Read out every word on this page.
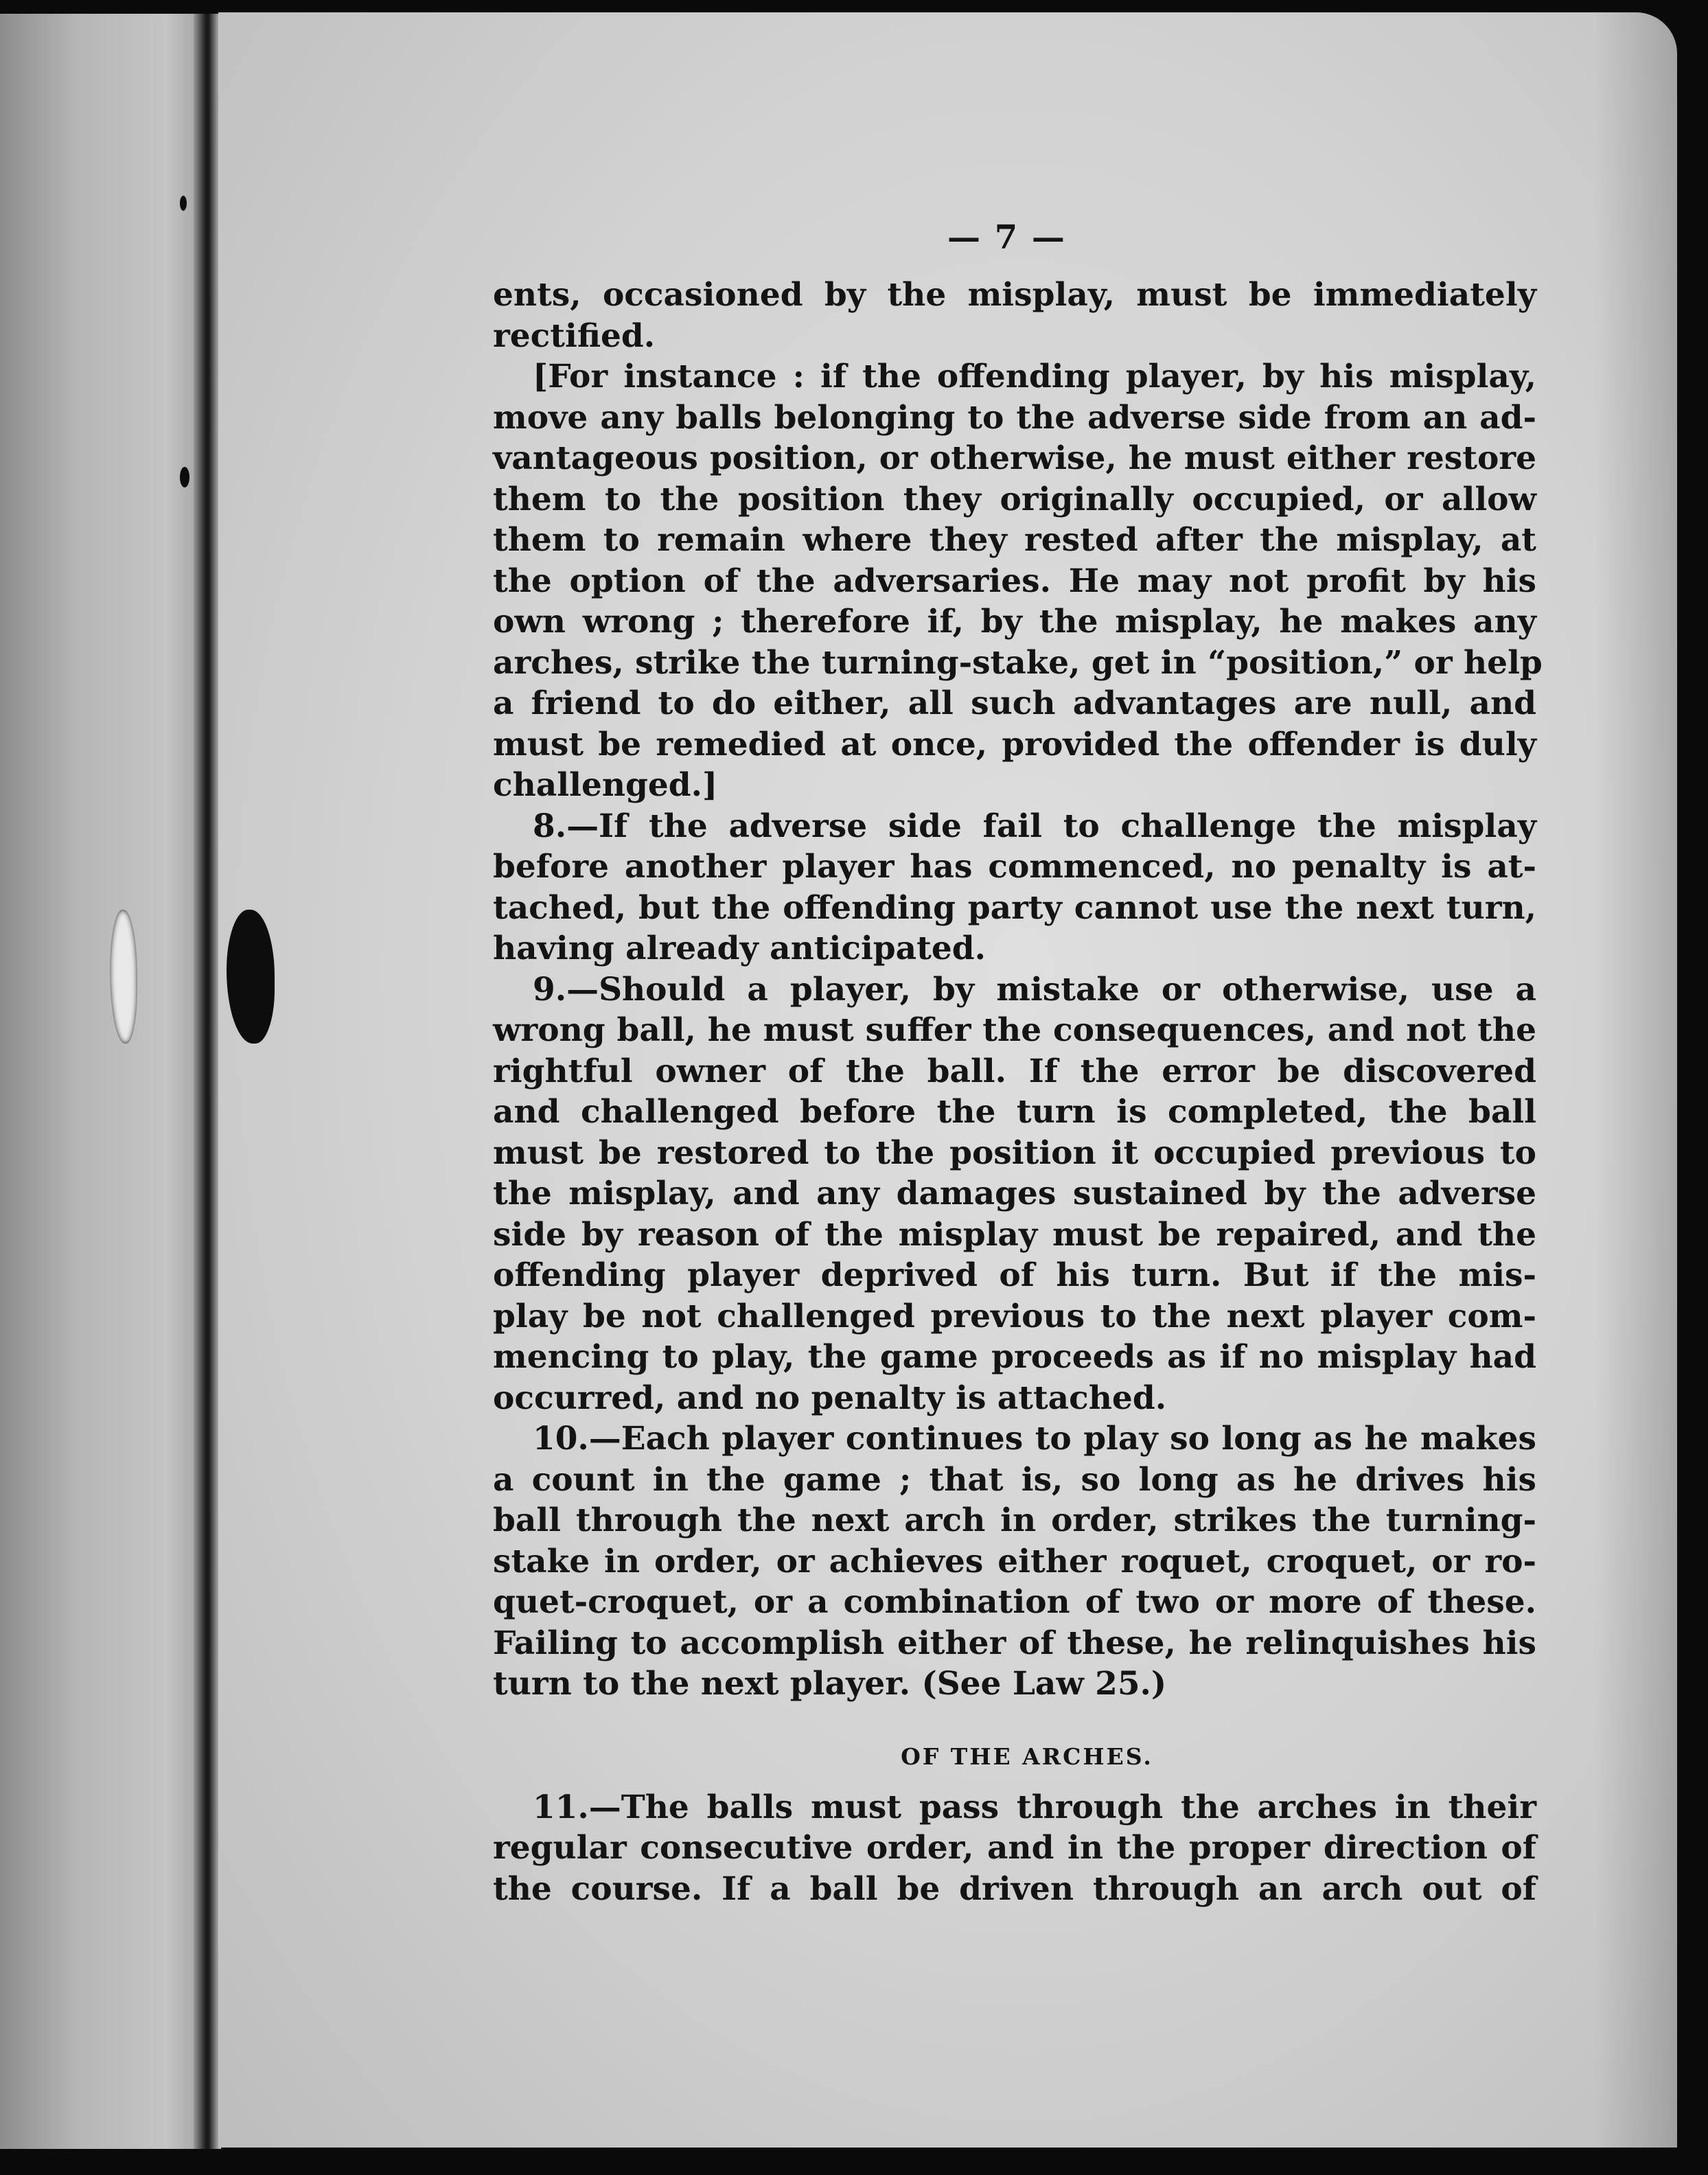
— 7 —
ents, occasioned by the misplay, must be immediately
rectified.
[For instance : if the offending player, by his misplay,
move any balls belonging to the adverse side from an ad-
vantageous position, or otherwise, he must either restore
them to the position they originally occupied, or allow
them to remain where they rested after the misplay, at
the option of the adversaries. He may not profit by his
own wrong ; therefore if, by the misplay, he makes any
arches, strike the turning-stake, get in “position,” or help
a friend to do either, all such advantages are null, and
must be remedied at once, provided the offender is duly
challenged.]
8.—If the adverse side fail to challenge the misplay
before another player has commenced, no penalty is at-
tached, but the offending party cannot use the next turn,
having already anticipated.
9.—Should a player, by mistake or otherwise, use a
wrong ball, he must suffer the consequences, and not the
rightful owner of the ball. If the error be discovered
and challenged before the turn is completed, the ball
must be restored to the position it occupied previous to
the misplay, and any damages sustained by the adverse
side by reason of the misplay must be repaired, and the
offending player deprived of his turn. But if the mis-
play be not challenged previous to the next player com-
mencing to play, the game proceeds as if no misplay had
occurred, and no penalty is attached.
10.—Each player continues to play so long as he makes
a count in the game ; that is, so long as he drives his
ball through the next arch in order, strikes the turning-
stake in order, or achieves either roquet, croquet, or ro-
quet-croquet, or a combination of two or more of these.
Failing to accomplish either of these, he relinquishes his
turn to the next player. (See Law 25.)
OF THE ARCHES.
11.—The balls must pass through the arches in their
regular consecutive order, and in the proper direction of
the course. If a ball be driven through an arch out of
